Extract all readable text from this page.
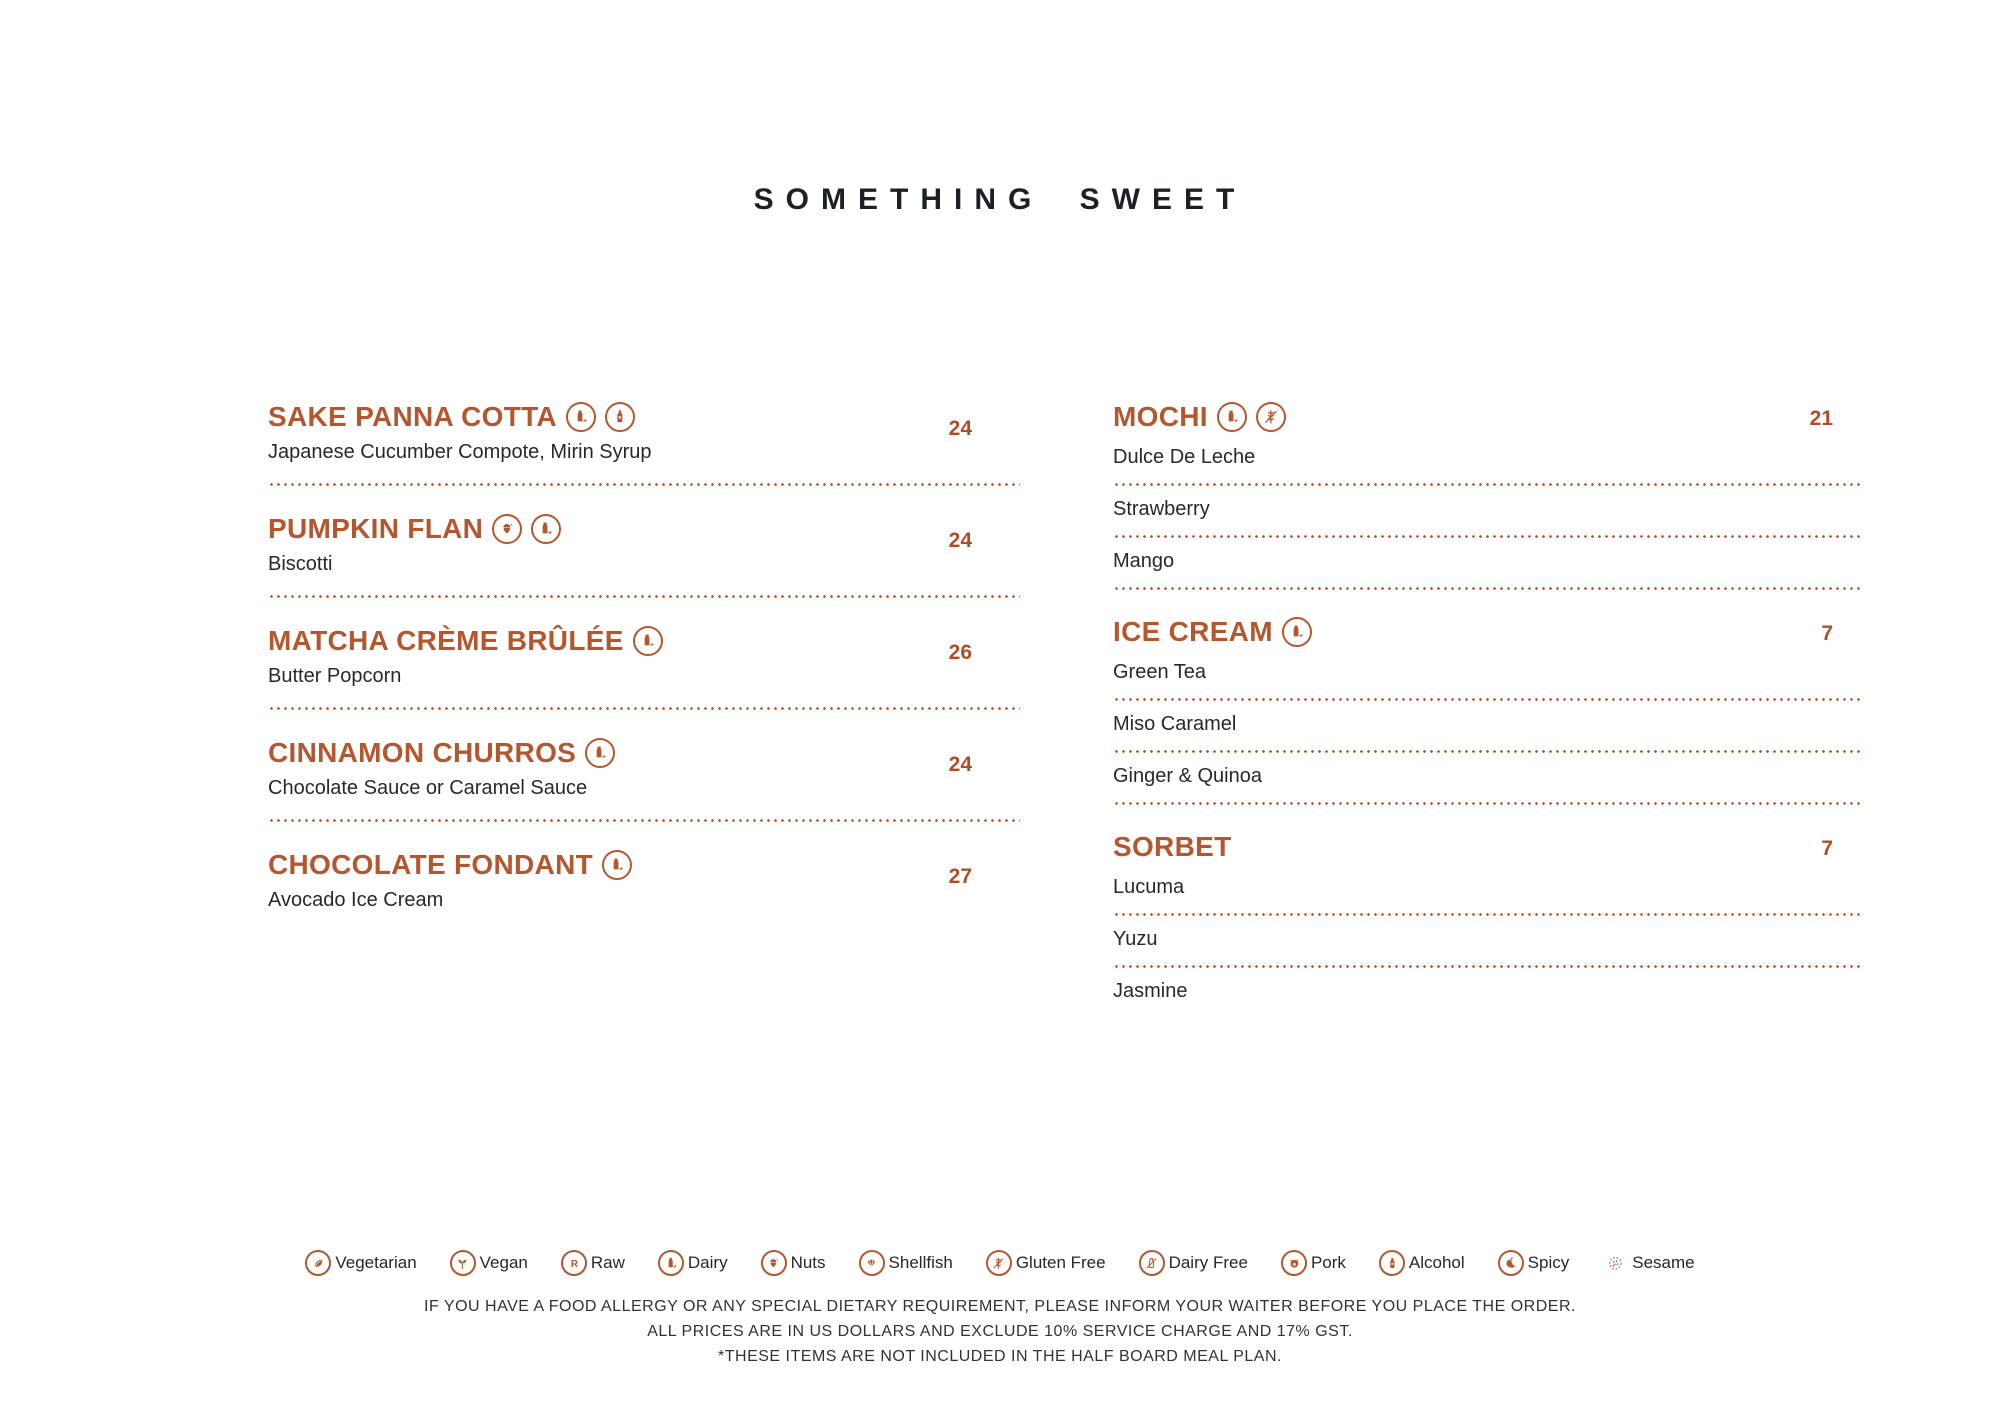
SOMETHING SWEET
SAKE PANNA COTTA	24
Japanese Cucumber Compote, Mirin Syrup
PUMPKIN FLAN	24
Biscotti
MATCHA CRÈME BRÛLÉE	26
Butter Popcorn
CINNAMON CHURROS	24
Chocolate Sauce or Caramel Sauce
CHOCOLATE FONDANT	27
Avocado Ice Cream
MOCHI	21
Dulce De Leche
Strawberry
Mango
ICE CREAM	7
Green Tea
Miso Caramel
Ginger & Quinoa
SORBET	7
Lucuma
Yuzu
Jasmine
Vegetarian	Vegan	R Raw	Dairy	Nuts	Shellfish	Gluten Free	Dairy Free	Pork	Alcohol	Spicy	Sesame
IF YOU HAVE A FOOD ALLERGY OR ANY SPECIAL DIETARY REQUIREMENT, PLEASE INFORM YOUR WAITER BEFORE YOU PLACE THE ORDER.
ALL PRICES ARE IN US DOLLARS AND EXCLUDE 10% SERVICE CHARGE AND 17% GST.
*THESE ITEMS ARE NOT INCLUDED IN THE HALF BOARD MEAL PLAN.
